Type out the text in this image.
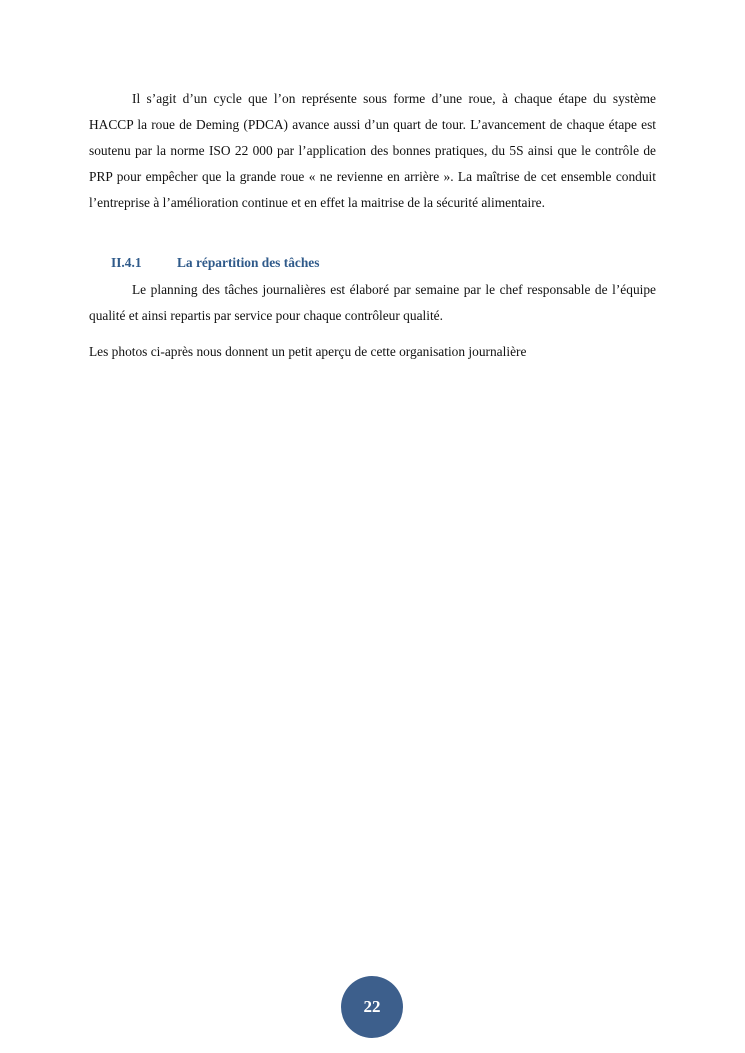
Il s’agit d’un cycle que l’on représente sous forme d’une roue, à chaque étape du système HACCP la roue de Deming (PDCA) avance aussi d’un quart de tour. L’avancement de chaque étape est soutenu par la norme ISO 22 000 par l’application des bonnes pratiques, du 5S ainsi que le contrôle de PRP pour empêcher que la grande roue « ne revienne en arrière ». La maîtrise de cet ensemble conduit l’entreprise à l’amélioration continue et en effet la maitrise de la sécurité alimentaire.

II.4.1	La répartition des tâches

Le planning des tâches journalières est élaboré par semaine par le chef responsable de l’équipe qualité et ainsi repartis par service pour chaque contrôleur qualité.

Les photos ci-après nous donnent un petit aperçu de cette organisation journalière

22
